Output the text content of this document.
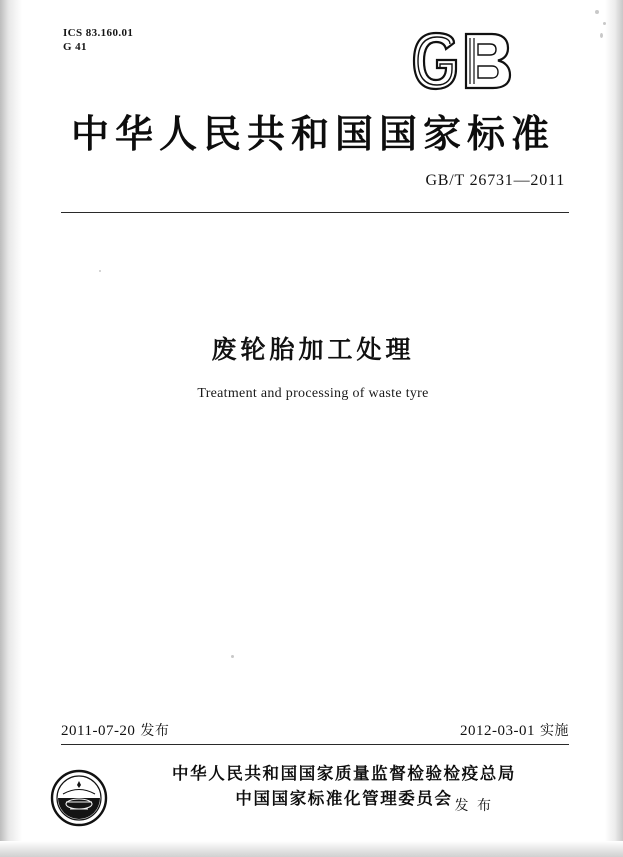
ICS 83.160.01
G 41
中华人民共和国国家标准
GB/T 26731—2011
废轮胎加工处理
Treatment and processing of waste tyre
2011-07-20 发布	2012-03-01 实施
中华人民共和国国家质量监督检验检疫总局
中国国家标准化管理委员会 发 布
